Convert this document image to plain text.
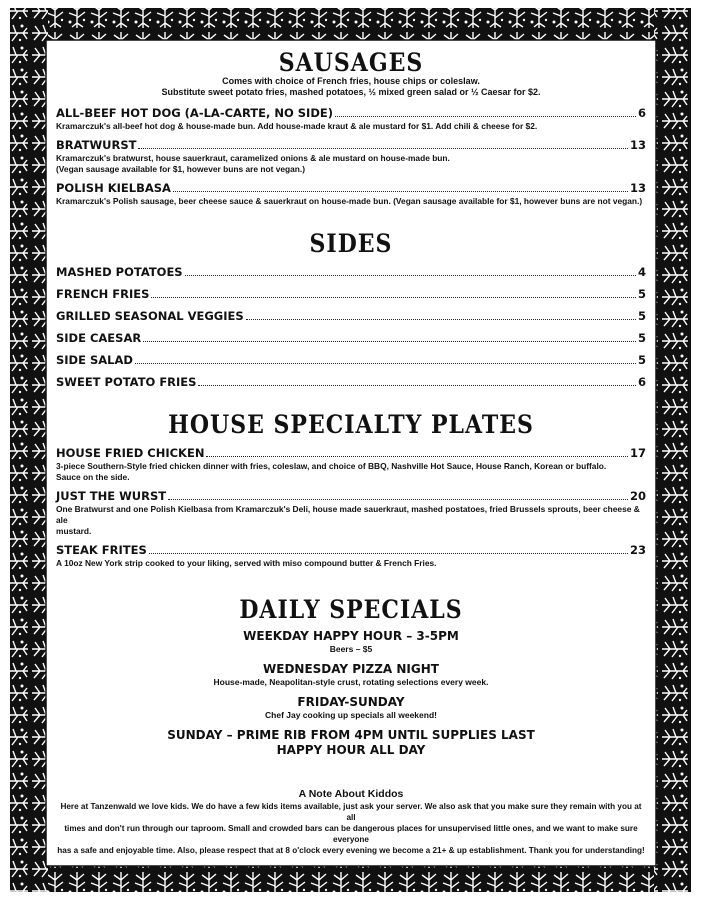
SAUSAGES
Comes with choice of French fries, house chips or coleslaw.
Substitute sweet potato fries, mashed potatoes, ½ mixed green salad or ½ Caesar for $2.
ALL-BEEF HOT DOG (A-LA-CARTE, NO SIDE)	6
Kramarczuk's all-beef hot dog & house-made bun. Add house-made kraut & ale mustard for $1. Add chili & cheese for $2.
BRATWURST	13
Kramarczuk's bratwurst, house sauerkraut, caramelized onions & ale mustard on house-made bun.
(Vegan sausage available for $1, however buns are not vegan.)
POLISH KIELBASA	13
Kramarczuk's Polish sausage, beer cheese sauce & sauerkraut on house-made bun. (Vegan sausage available for $1, however buns are not vegan.)
SIDES
MASHED POTATOES	4
FRENCH FRIES	5
GRILLED SEASONAL VEGGIES	5
SIDE CAESAR	5
SIDE SALAD	5
SWEET POTATO FRIES	6
HOUSE SPECIALTY PLATES
HOUSE FRIED CHICKEN	17
3-piece Southern-Style fried chicken dinner with fries, coleslaw, and choice of BBQ, Nashville Hot Sauce, House Ranch, Korean or buffalo.
Sauce on the side.
JUST THE WURST	20
One Bratwurst and one Polish Kielbasa from Kramarczuk's Deli, house made sauerkraut, mashed postatoes, fried Brussels sprouts, beer cheese & ale
mustard.
STEAK FRITES	23
A 10oz New York strip cooked to your liking, served with miso compound butter & French Fries.
DAILY SPECIALS
WEEKDAY HAPPY HOUR – 3-5PM
Beers – $5
WEDNESDAY PIZZA NIGHT
House-made, Neapolitan-style crust, rotating selections every week.
FRIDAY-SUNDAY
Chef Jay cooking up specials all weekend!
SUNDAY – PRIME RIB FROM 4PM UNTIL SUPPLIES LAST
HAPPY HOUR ALL DAY
A Note About Kiddos
Here at Tanzenwald we love kids. We do have a few kids items available, just ask your server. We also ask that you make sure they remain with you at all
times and don't run through our taproom. Small and crowded bars can be dangerous places for unsupervised little ones, and we want to make sure everyone
has a safe and enjoyable time. Also, please respect that at 8 o'clock every evening we become a 21+ & up establishment. Thank you for understanding!
